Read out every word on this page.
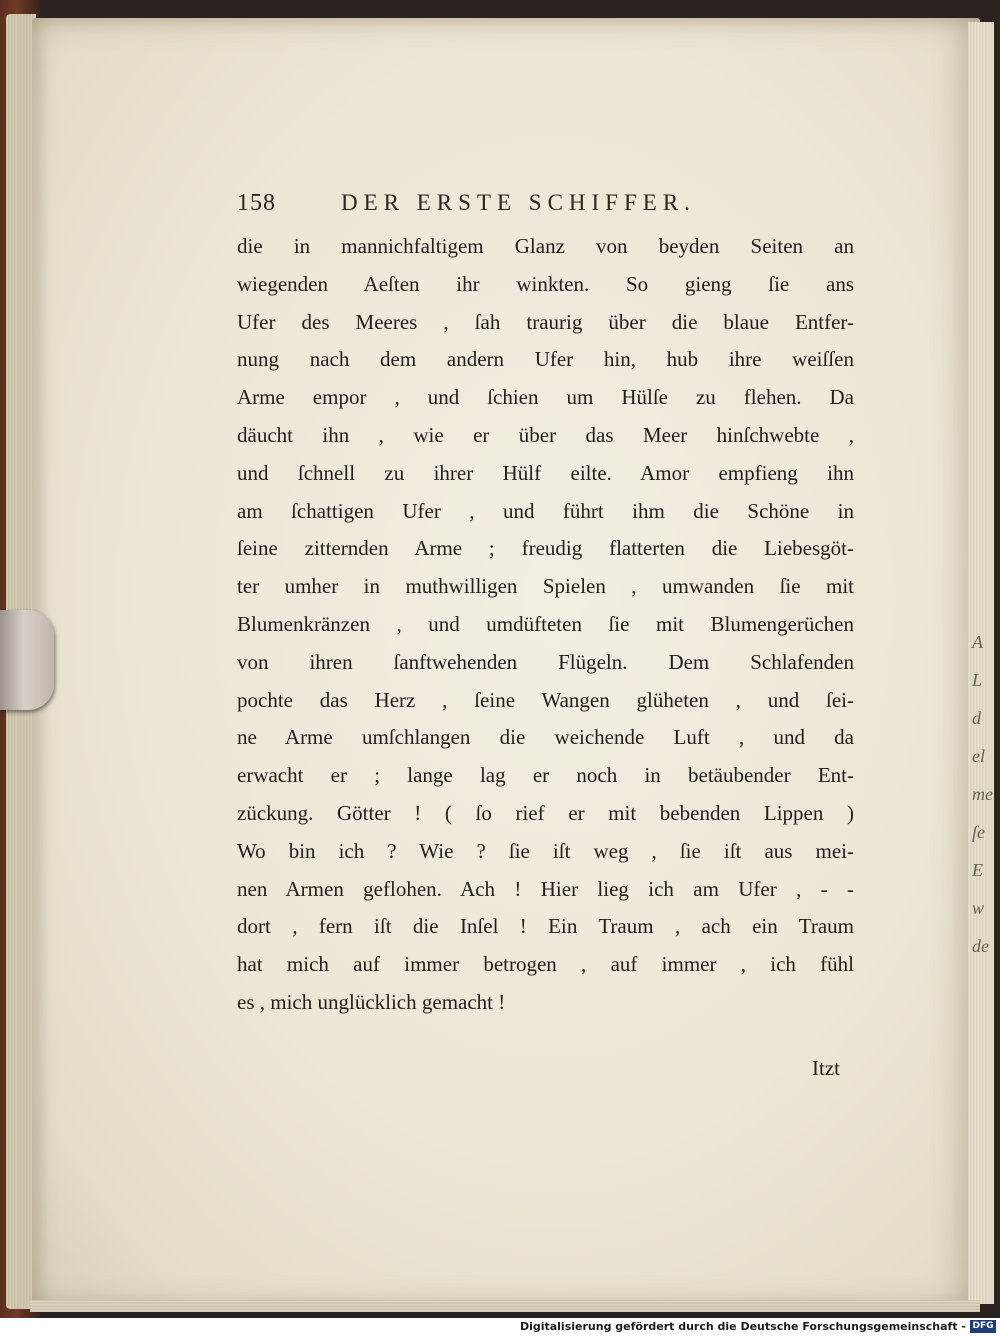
A
L
d
el
me
ſe
E
w
de
158	DER ERSTE SCHIFFER.
die in mannichfaltigem Glanz von beyden Seiten an
wiegenden Aeſten ihr winkten. So gieng ſie ans
Ufer des Meeres , ſah traurig über die blaue Entfer-
nung nach dem andern Ufer hin, hub ihre weiſſen
Arme empor , und ſchien um Hülſe zu flehen. Da
däucht ihn , wie er über das Meer hinſchwebte ,
und ſchnell zu ihrer Hülf eilte. Amor empfieng ihn
am ſchattigen Ufer , und führt ihm die Schöne in
ſeine zitternden Arme ; freudig flatterten die Liebesgöt-
ter umher in muthwilligen Spielen , umwanden ſie mit
Blumenkränzen , und umdüfteten ſie mit Blumengerüchen
von ihren ſanftwehenden Flügeln. Dem Schlafenden
pochte das Herz , ſeine Wangen glüheten , und ſei-
ne Arme umſchlangen die weichende Luft , und da
erwacht er ; lange lag er noch in betäubender Ent-
zückung. Götter ! ( ſo rief er mit bebenden Lippen )
Wo bin ich ? Wie ? ſie iſt weg , ſie iſt aus mei-
nen Armen geflohen. Ach ! Hier lieg ich am Ufer , - -
dort , fern iſt die Inſel ! Ein Traum , ach ein Traum
hat mich auf immer betrogen , auf immer , ich fühl
es , mich unglücklich gemacht !
Itzt
Digitalisierung gefördert durch die Deutsche Forschungsgemeinschaft - DFG
